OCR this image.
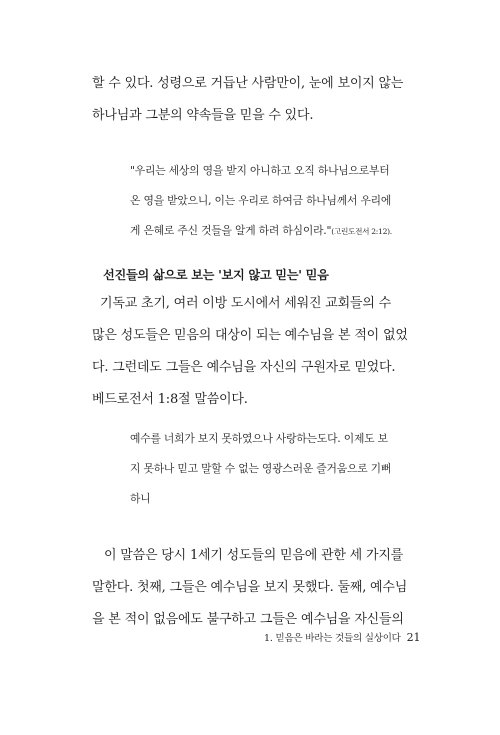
할 수 있다. 성령으로 거듭난 사람만이, 눈에 보이지 않는
하나님과 그분의 약속들을 믿을 수 있다.
"우리는 세상의 영을 받지 아니하고 오직 하나님으로부터
온 영을 받았으니, 이는 우리로 하여금 하나님께서 우리에
게 은혜로 주신 것들을 알게 하려 하심이라."(고린도전서 2:12).
선진들의 삶으로 보는 '보지 않고 믿는' 믿음
기독교 초기, 여러 이방 도시에서 세워진 교회들의 수
많은 성도들은 믿음의 대상이 되는 예수님을 본 적이 없었
다. 그런데도 그들은 예수님을 자신의 구원자로 믿었다.
베드로전서 1:8절 말씀이다.
예수를 너희가 보지 못하였으나 사랑하는도다. 이제도 보
지 못하나 믿고 말할 수 없는 영광스러운 즐거움으로 기뻐
하니
이 말씀은 당시 1세기 성도들의 믿음에 관한 세 가지를
말한다. 첫째, 그들은 예수님을 보지 못했다. 둘째, 예수님
을 본 적이 없음에도 불구하고 그들은 예수님을 자신들의
1. 믿음은 바라는 것들의 실상이다 21
